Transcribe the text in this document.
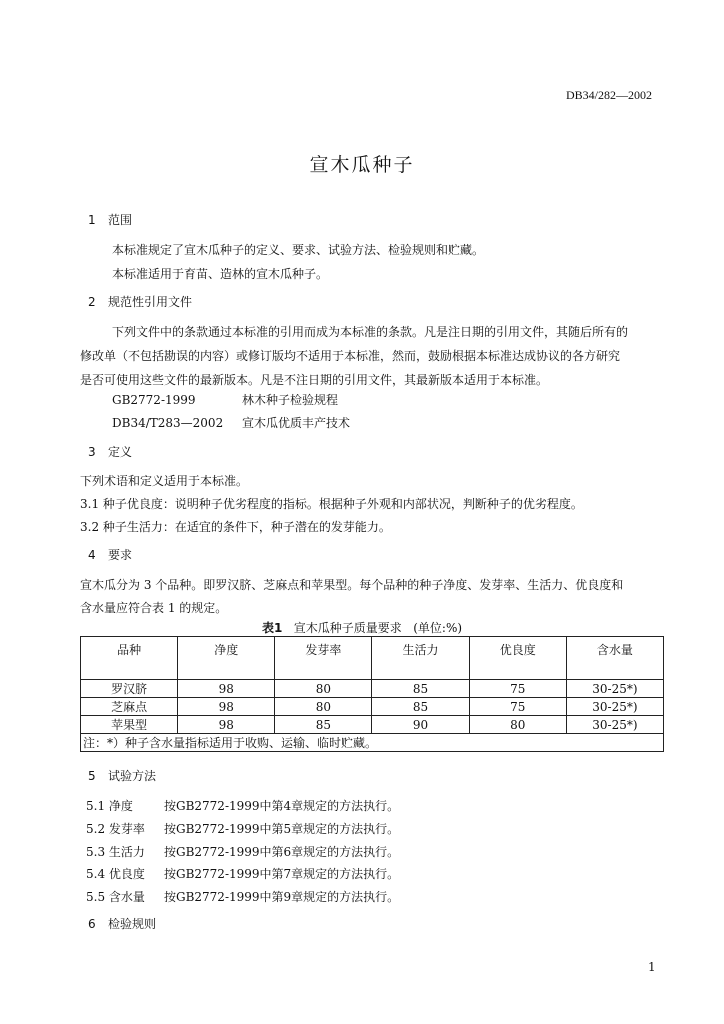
DB34/282—2002
宣木瓜种子
1 范围
本标准规定了宣木瓜种子的定义、要求、试验方法、检验规则和贮藏。
本标准适用于育苗、造林的宣木瓜种子。
2 规范性引用文件
下列文件中的条款通过本标准的引用而成为本标准的条款。凡是注日期的引用文件，其随后所有的
修改单（不包括勘误的内容）或修订版均不适用于本标准，然而，鼓励根据本标准达成协议的各方研究
是否可使用这些文件的最新版本。凡是不注日期的引用文件，其最新版本适用于本标准。
GB2772-1999	林木种子检验规程
DB34/T283—2002 宣木瓜优质丰产技术
3 定义
下列术语和定义适用于本标准。
3.1 种子优良度：说明种子优劣程度的指标。根据种子外观和内部状况，判断种子的优劣程度。
3.2 种子生活力：在适宜的条件下，种子潜在的发芽能力。
4 要求
宣木瓜分为 3 个品种。即罗汉脐、芝麻点和苹果型。每个品种的种子净度、发芽率、生活力、优良度和
含水量应符合表 1 的规定。
表1 宣木瓜种子质量要求 (单位:%)
品种	净度	发芽率	生活力	优良度	含水量
罗汉脐	98	80	85	75	30-25*)
芝麻点	98	80	85	75	30-25*)
苹果型	98	85	90	80	30-25*)
注：*）种子含水量指标适用于收购、运输、临时贮藏。					
5 试验方法
5.1 净度	按GB2772-1999中第4章规定的方法执行。
5.2 发芽率 按GB2772-1999中第5章规定的方法执行。
5.3 生活力 按GB2772-1999中第6章规定的方法执行。
5.4 优良度 按GB2772-1999中第7章规定的方法执行。
5.5 含水量 按GB2772-1999中第9章规定的方法执行。
6 检验规则
1
